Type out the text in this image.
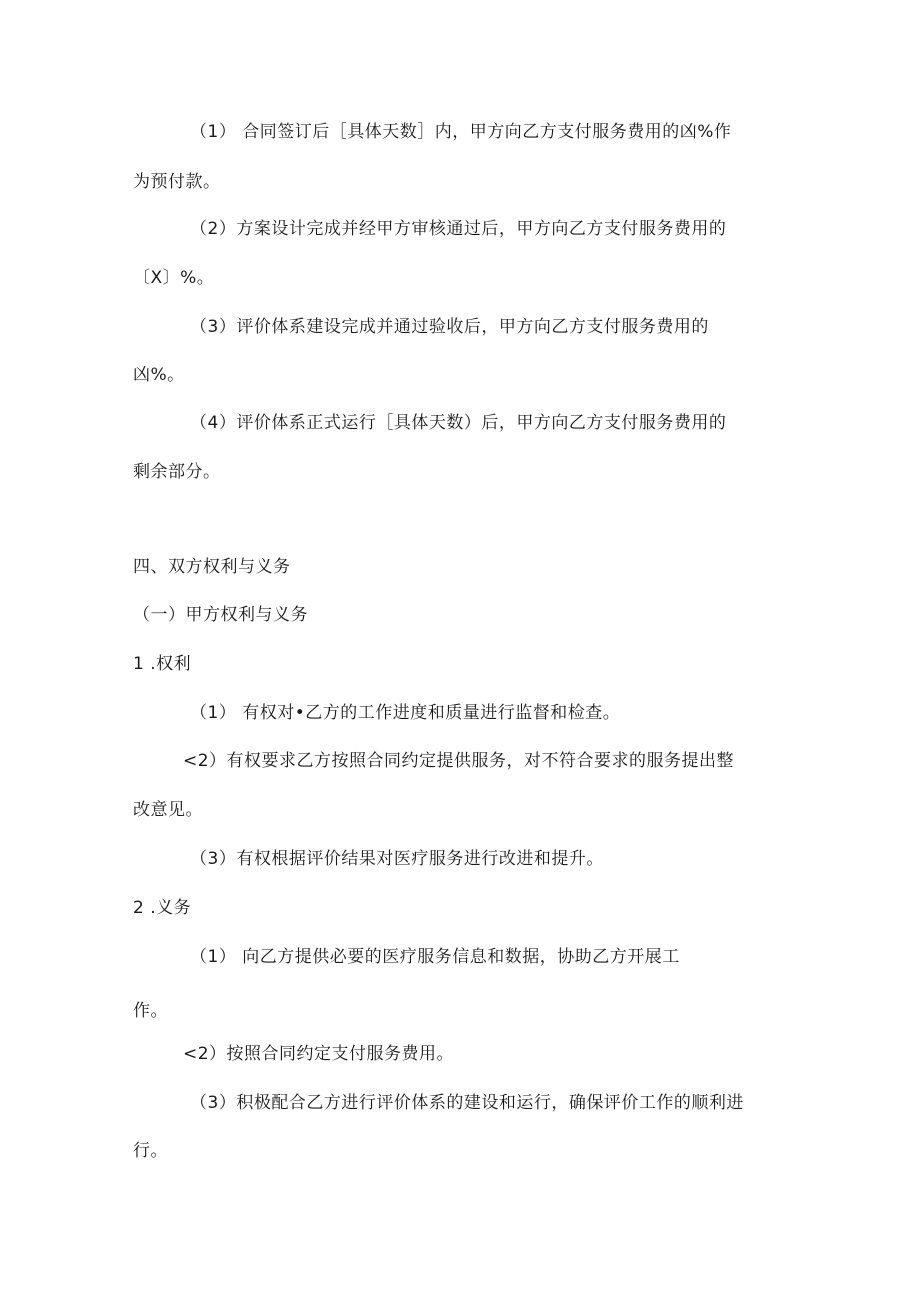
（1） 合同签订后［具体天数］内，甲方向乙方支付服务费用的凶%作

为预付款。

（2）方案设计完成并经甲方审核通过后，甲方向乙方支付服务费用的

〔X〕%。

（3）评价体系建设完成并通过验收后，甲方向乙方支付服务费用的

凶%。

（4）评价体系正式运行［具体天数）后，甲方向乙方支付服务费用的

剩余部分。

四、双方权利与义务

（一）甲方权利与义务

1 .权利

（1） 有权对•乙方的工作进度和质量进行监督和检查。

<2）有权要求乙方按照合同约定提供服务，对不符合要求的服务提出整

改意见。

（3）有权根据评价结果对医疗服务进行改进和提升。

2 .义务

（1） 向乙方提供必要的医疗服务信息和数据，协助乙方开展工

作。

<2）按照合同约定支付服务费用。

（3）积极配合乙方进行评价体系的建设和运行，确保评价工作的顺利进

行。
